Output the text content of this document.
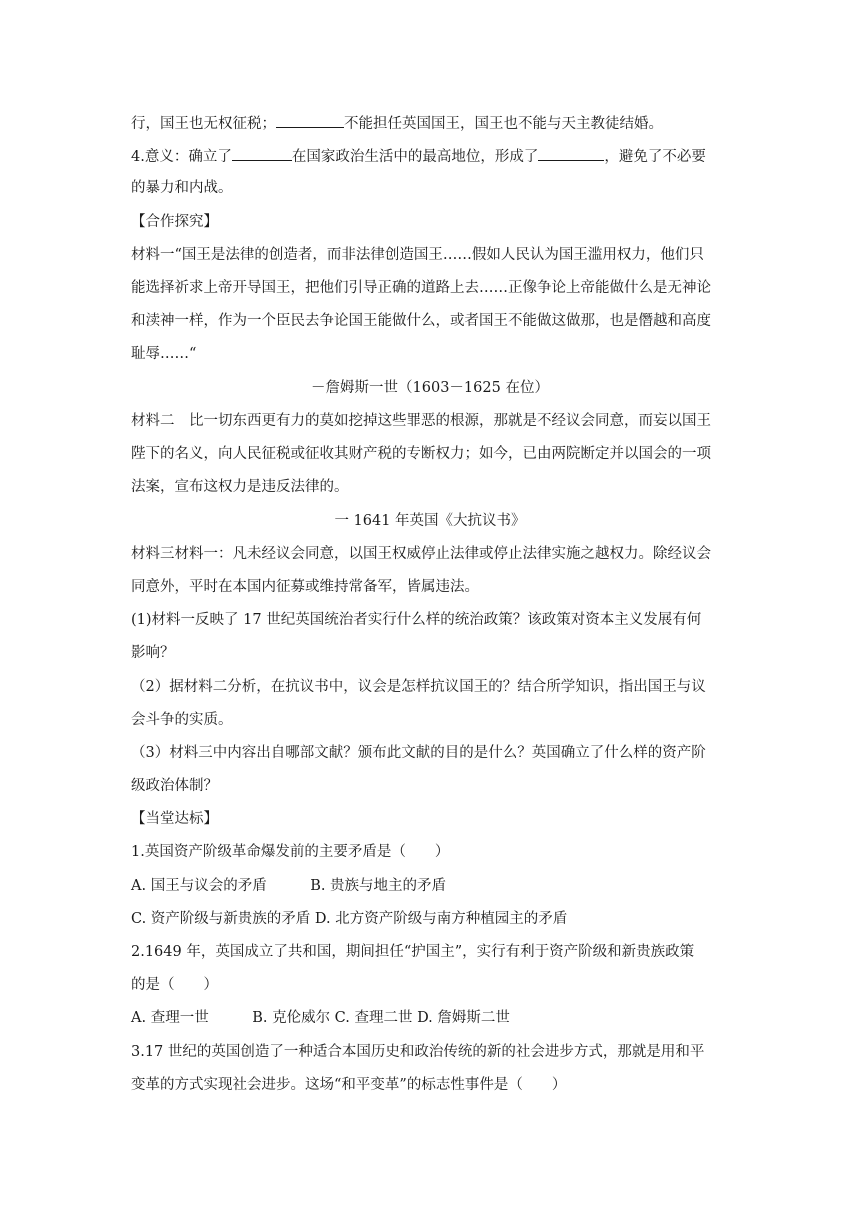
行，国王也无权征税；	不能担任英国国王，国王也不能与天主教徒结婚。
4.意义：确立了	在国家政治生活中的最高地位，形成了	，避免了不必要
的暴力和内战。
【合作探究】
材料一“国王是法律的创造者，而非法律创造国王……假如人民认为国王滥用权力，他们只
能选择祈求上帝开导国王，把他们引导正确的道路上去……正像争论上帝能做什么是无神论
和渎神一样，作为一个臣民去争论国王能做什么，或者国王不能做这做那，也是僭越和高度
耻辱……“
－詹姆斯一世（1603－1625 在位）
材料二　比一切东西更有力的莫如挖掉这些罪恶的根源，那就是不经议会同意，而妄以国王
陛下的名义，向人民征税或征收其财产税的专断权力；如今，已由两院断定并以国会的一项
法案，宣布这权力是违反法律的。
一 1641 年英国《大抗议书》
材料三材料一：凡未经议会同意，以国王权威停止法律或停止法律实施之越权力。除经议会
同意外，平时在本国内征募或维持常备军，皆属违法。
(1)材料一反映了 17 世纪英国统治者实行什么样的统治政策？该政策对资本主义发展有何
影响？
（2）据材料二分析，在抗议书中，议会是怎样抗议国王的？结合所学知识，指出国王与议
会斗争的实质。
（3）材料三中内容出自哪部文献？颁布此文献的目的是什么？英国确立了什么样的资产阶
级政治体制？
【当堂达标】
1.英国资产阶级革命爆发前的主要矛盾是（　　）
A. 国王与议会的矛盾　　　B. 贵族与地主的矛盾
C. 资产阶级与新贵族的矛盾 D. 北方资产阶级与南方种植园主的矛盾
2.1649 年，英国成立了共和国，期间担任“护国主”，实行有利于资产阶级和新贵族政策
的是（　　）
A. 查理一世　　　B. 克伦威尔 C. 查理二世 D. 詹姆斯二世
3.17 世纪的英国创造了一种适合本国历史和政治传统的新的社会进步方式，那就是用和平
变革的方式实现社会进步。这场“和平变革”的标志性事件是（　　）
